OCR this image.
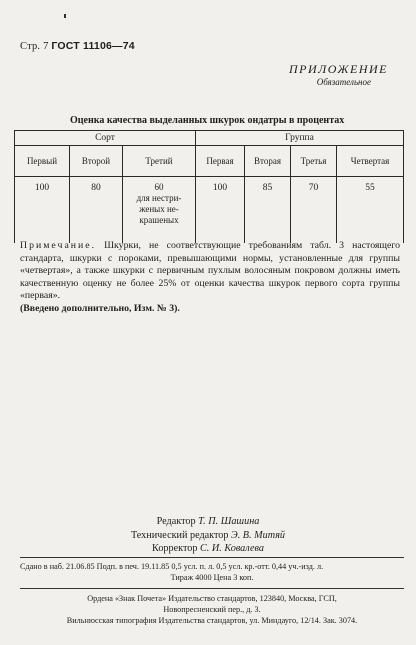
Стр. 7 ГОСТ 11106—74
ПРИЛОЖЕНИЕ
Обязательное
Оценка качества выделанных шкурок ондатры в процентах
Сорт			Группа			
Первый	Второй	Третий	Первая	Вторая	Третья	Четвертая
100	80	60
для нестри-
женых не-
крашеных	100	85	70	55
Примечание. Шкурки, не соответствующие требованиям табл. 3 настоящего стандарта, шкурки с пороками, превышающими нормы, установленные для группы «четвертая», а также шкурки с первичным пухлым волосяным покровом должны иметь качественную оценку не более 25% от оценки качества шкурок первого сорта группы «первая».
(Введено дополнительно, Изм. № 3).
Редактор Т. П. Шашина
Технический редактор Э. В. Митяй
Корректор С. И. Ковалева
Сдано в наб. 21.06.85 Подп. в печ. 19.11.85 0,5 усл. п. л. 0,5 усл. кр.-отт. 0,44 уч.-изд. л.
Тираж 4000 Цена 3 коп.
Ордена «Знак Почета» Издательство стандартов, 123840, Москва, ГСП,
Новопресненский пер., д. 3.
Вильнюсская типография Издательства стандартов, ул. Миндауго, 12/14. Зак. 3074.
